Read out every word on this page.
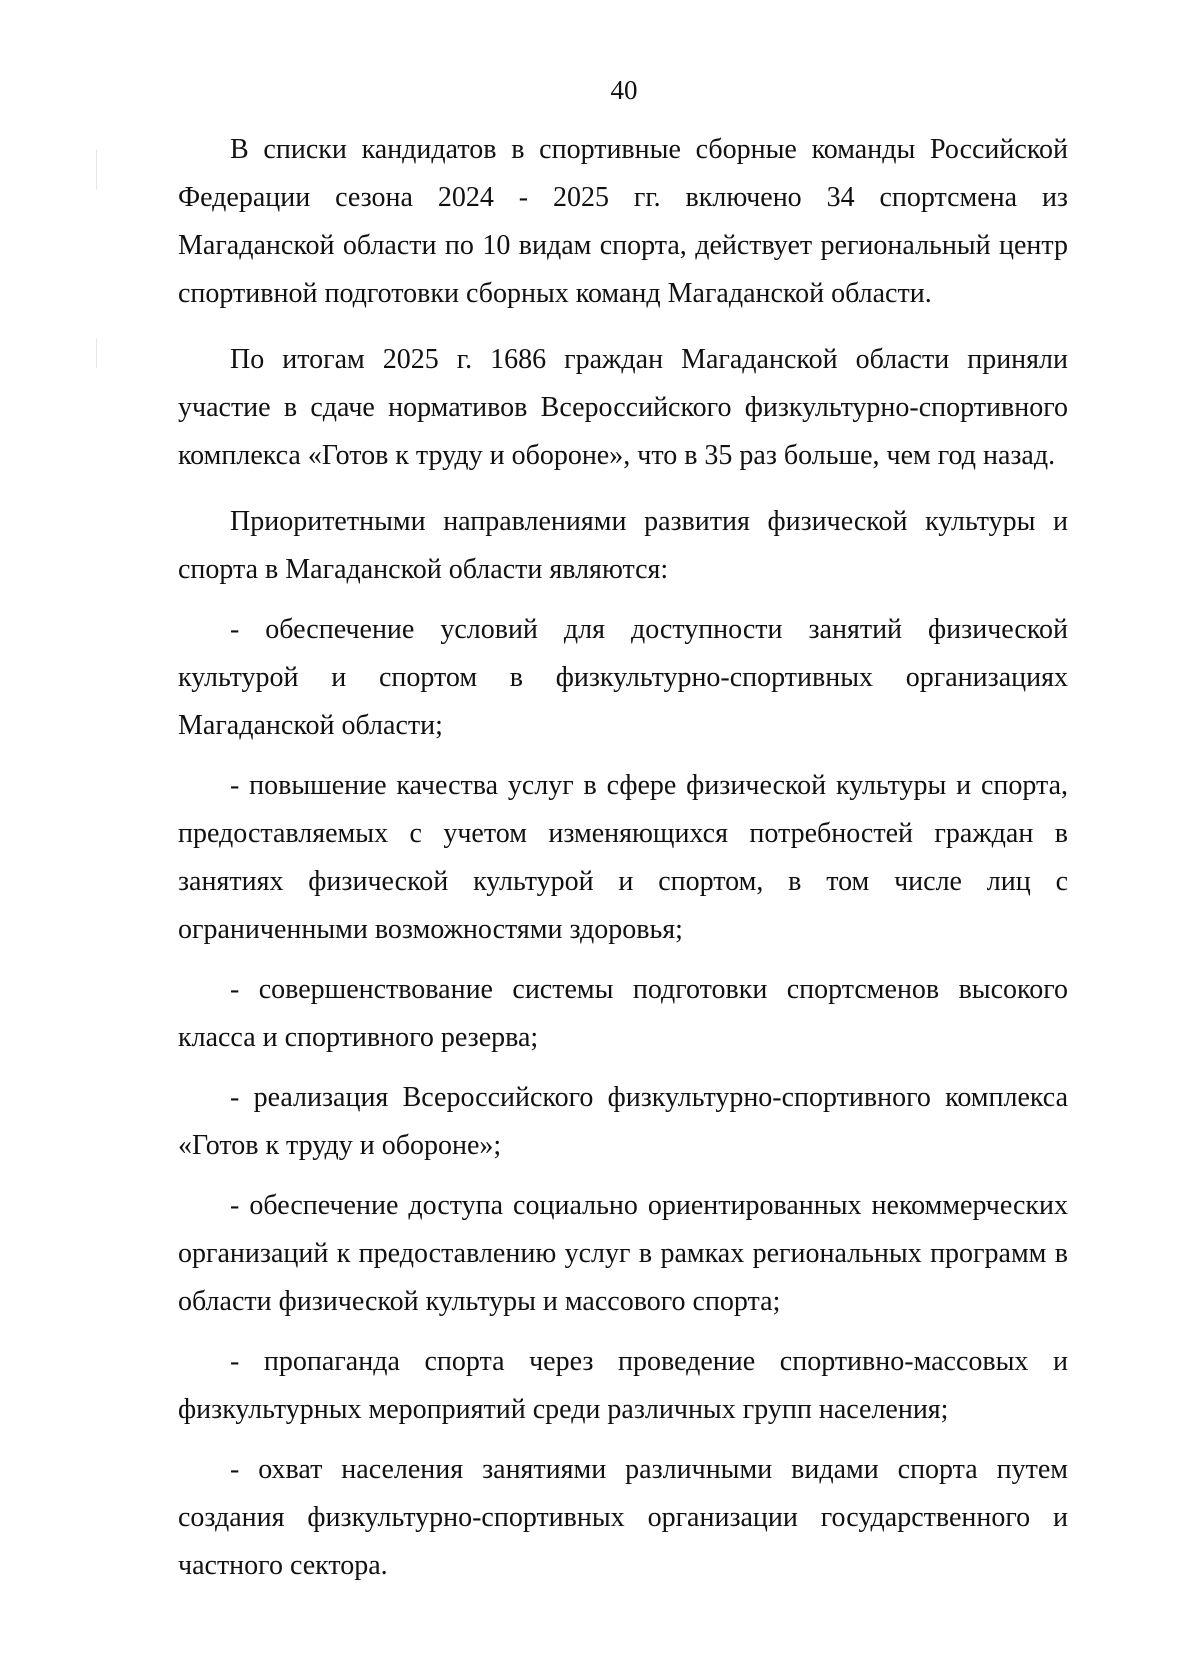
40

В списки кандидатов в спортивные сборные команды Российской Федерации сезона 2024 - 2025 гг. включено 34 спортсмена из Магаданской области по 10 видам спорта, действует региональный центр спортивной подготовки сборных команд Магаданской области.

По итогам 2025 г. 1686 граждан Магаданской области приняли участие в сдаче нормативов Всероссийского физкультурно-спортивного комплекса «Готов к труду и обороне», что в 35 раз больше, чем год назад.

Приоритетными направлениями развития физической культуры и спорта в Магаданской области являются:

- обеспечение условий для доступности занятий физической культурой и спортом в физкультурно-спортивных организациях Магаданской области;

- повышение качества услуг в сфере физической культуры и спорта, предоставляемых с учетом изменяющихся потребностей граждан в занятиях физической культурой и спортом, в том числе лиц с ограниченными возможностями здоровья;

- совершенствование системы подготовки спортсменов высокого класса и спортивного резерва;

- реализация Всероссийского физкультурно-спортивного комплекса «Готов к труду и обороне»;

- обеспечение доступа социально ориентированных некоммерческих организаций к предоставлению услуг в рамках региональных программ в области физической культуры и массового спорта;

- пропаганда спорта через проведение спортивно-массовых и физкультурных мероприятий среди различных групп населения;

- охват населения занятиями различными видами спорта путем создания физкультурно-спортивных организации государственного и частного сектора.
